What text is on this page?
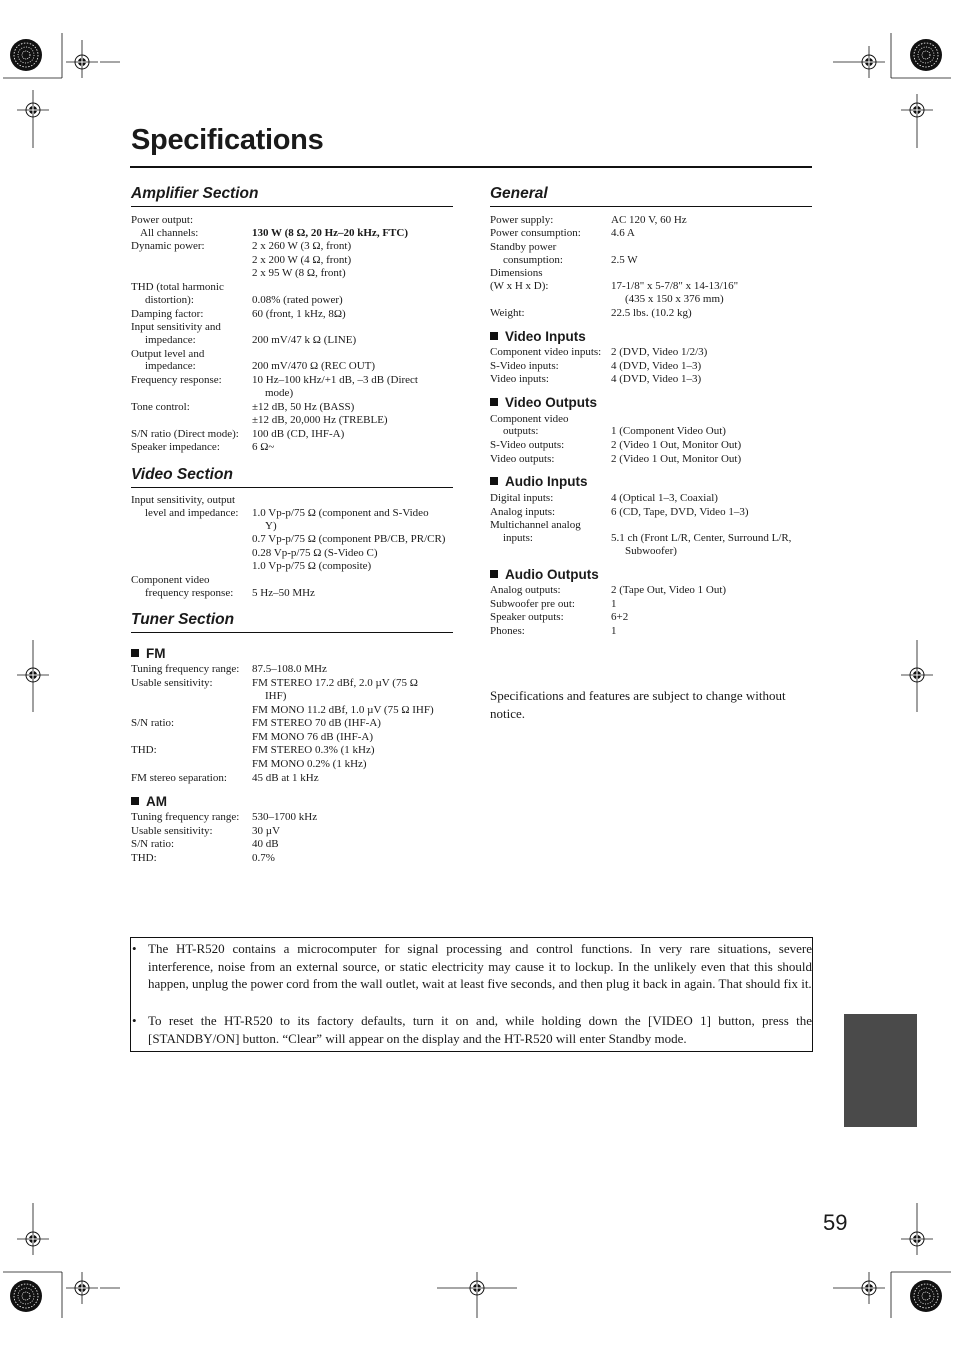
Specifications
Amplifier Section
Power output:
All channels:	130 W (8 Ω, 20 Hz–20 kHz, FTC)
Dynamic power:	2 x 260 W (3 Ω, front)
2 x 200 W (4 Ω, front)
2 x 95 W (8 Ω, front)
THD (total harmonic
distortion):	0.08% (rated power)
Damping factor:	60 (front, 1 kHz, 8Ω)
Input sensitivity and
impedance:	200 mV/47 k Ω (LINE)
Output level and
impedance:	200 mV/470 Ω (REC OUT)
Frequency response:	10 Hz–100 kHz/+1 dB, –3 dB (Direct
mode)
Tone control:	±12 dB, 50 Hz (BASS)
±12 dB, 20,000 Hz (TREBLE)
S/N ratio (Direct mode): 100 dB (CD, IHF-A)
Speaker impedance:	6 Ω~
Video Section
Input sensitivity, output
level and impedance: 1.0 Vp-p/75 Ω (component and S-Video
Y)
0.7 Vp-p/75 Ω (component PB/CB, PR/CR)
0.28 Vp-p/75 Ω (S-Video C)
1.0 Vp-p/75 Ω (composite)
Component video
frequency response: 5 Hz–50 MHz
Tuner Section
FM
Tuning frequency range: 87.5–108.0 MHz
Usable sensitivity:	FM STEREO 17.2 dBf, 2.0 µV (75 Ω
IHF)
FM MONO 11.2 dBf, 1.0 µV (75 Ω IHF)
S/N ratio:	FM STEREO 70 dB (IHF-A)
FM MONO 76 dB (IHF-A)
THD:	FM STEREO 0.3% (1 kHz)
FM MONO 0.2% (1 kHz)
FM stereo separation: 45 dB at 1 kHz
AM
Tuning frequency range: 530–1700 kHz
Usable sensitivity:	30 µV
S/N ratio:	40 dB
THD:	0.7%
General
Power supply:	AC 120 V, 60 Hz
Power consumption:	4.6 A
Standby power
consumption:	2.5 W
Dimensions
(W x H x D):	17-1/8" x 5-7/8" x 14-13/16"
(435 x 150 x 376 mm)
Weight:	22.5 lbs. (10.2 kg)
Video Inputs
Component video inputs: 2 (DVD, Video 1/2/3)
S-Video inputs:	4 (DVD, Video 1–3)
Video inputs:	4 (DVD, Video 1–3)
Video Outputs
Component video
outputs:	1 (Component Video Out)
S-Video outputs:	2 (Video 1 Out, Monitor Out)
Video outputs:	2 (Video 1 Out, Monitor Out)
Audio Inputs
Digital inputs:	4 (Optical 1–3, Coaxial)
Analog inputs:	6 (CD, Tape, DVD, Video 1–3)
Multichannel analog
inputs:	5.1 ch (Front L/R, Center, Surround L/R,
Subwoofer)
Audio Outputs
Analog outputs:	2 (Tape Out, Video 1 Out)
Subwoofer pre out:	1
Speaker outputs:	6+2
Phones:	1
Specifications and features are subject to change without notice.
• The HT-R520 contains a microcomputer for signal processing and control functions. In very rare situations, severe interference, noise from an external source, or static electricity may cause it to lockup. In the unlikely even that this should happen, unplug the power cord from the wall outlet, wait at least five seconds, and then plug it back in again. That should fix it.
• To reset the HT-R520 to its factory defaults, turn it on and, while holding down the [VIDEO 1] button, press the [STANDBY/ON] button. “Clear” will appear on the display and the HT-R520 will enter Standby mode.
59
